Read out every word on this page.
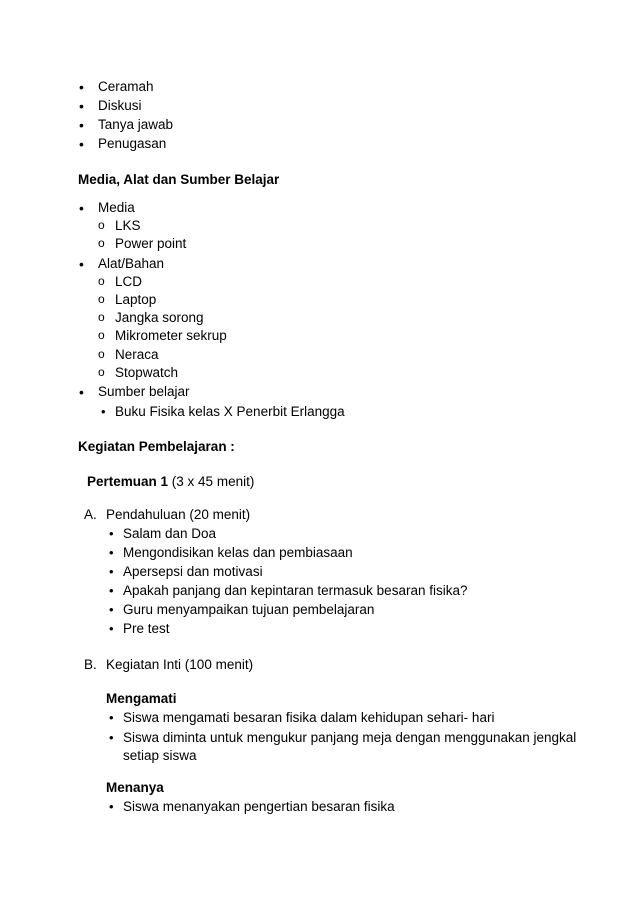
• Ceramah
• Diskusi
• Tanya jawab
• Penugasan
Media, Alat dan Sumber Belajar
• Media
o LKS
o Power point
• Alat/Bahan
o LCD
o Laptop
o Jangka sorong
o Mikrometer sekrup
o Neraca
o Stopwatch
• Sumber belajar
• Buku Fisika kelas X Penerbit Erlangga
Kegiatan Pembelajaran :
Pertemuan 1 (3 x 45 menit)
A. Pendahuluan (20 menit)
• Salam dan Doa
• Mengondisikan kelas dan pembiasaan
• Apersepsi dan motivasi
• Apakah panjang dan kepintaran termasuk besaran fisika?
• Guru menyampaikan tujuan pembelajaran
• Pre test
B. Kegiatan Inti (100 menit)
Mengamati
• Siswa mengamati besaran fisika dalam kehidupan sehari- hari
• Siswa diminta untuk mengukur panjang meja dengan menggunakan jengkal
setiap siswa
Menanya
• Siswa menanyakan pengertian besaran fisika
